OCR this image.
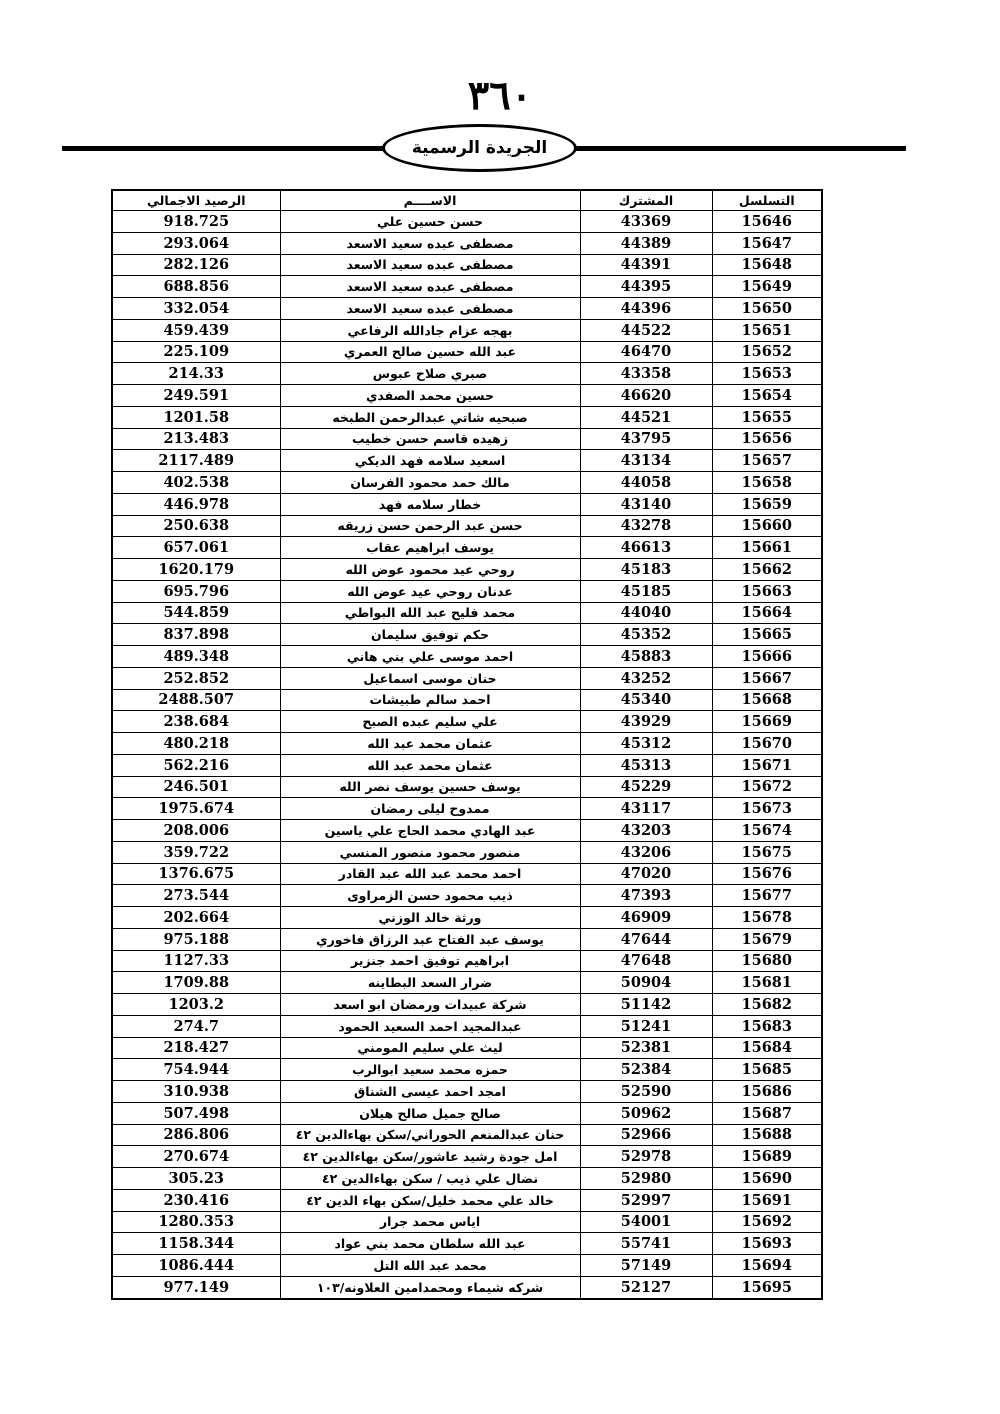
٣٦٠
الجريدة الرسمية
الرصيد الاجمالي	الاســــم	المشترك	التسلسل
918.725	حسن حسين علي	43369	15646
293.064	مصطفى عبده سعيد الاسعد	44389	15647
282.126	مصطفى عبده سعيد الاسعد	44391	15648
688.856	مصطفى عبده سعيد الاسعد	44395	15649
332.054	مصطفى عبده سعيد الاسعد	44396	15650
459.439	بهجه عزام جادالله الرفاعي	44522	15651
225.109	عبد الله حسين صالح العمري	46470	15652
214.33	صبري صلاح عبوس	43358	15653
249.591	حسين محمد الصفدي	46620	15654
1201.58	صبحيه شاتي عبدالرحمن الطبخه	44521	15655
213.483	زهيده قاسم حسن خطيب	43795	15656
2117.489	اسعيد سلامه فهد الديكي	43134	15657
402.538	مالك حمد محمود الفرسان	44058	15658
446.978	خطار سلامه فهد	43140	15659
250.638	حسن عبد الرحمن حسن زريقه	43278	15660
657.061	يوسف ابراهيم عقاب	46613	15661
1620.179	روحي عيد محمود عوض الله	45183	15662
695.796	عدنان روحي عيد عوض الله	45185	15663
544.859	محمد فليح عبد الله البواطي	44040	15664
837.898	حكم توفيق سليمان	45352	15665
489.348	احمد موسى علي بني هاني	45883	15666
252.852	حنان موسى اسماعيل	43252	15667
2488.507	احمد سالم طبيشات	45340	15668
238.684	علي سليم عبده الصبح	43929	15669
480.218	عثمان محمد عبد الله	45312	15670
562.216	عثمان محمد عبد الله	45313	15671
246.501	يوسف حسين يوسف نصر الله	45229	15672
1975.674	ممدوح ليلى رمضان	43117	15673
208.006	عبد الهادي محمد الحاج علي ياسين	43203	15674
359.722	منصور محمود منصور المنسي	43206	15675
1376.675	احمد محمد عبد الله عبد القادر	47020	15676
273.544	ذيب محمود حسن الزمراوى	47393	15677
202.664	ورثة خالد الوزني	46909	15678
975.188	يوسف عبد الفتاح عبد الرزاق فاخوري	47644	15679
1127.33	ابراهيم توفيق احمد جنزير	47648	15680
1709.88	ضرار السعد البطاينه	50904	15681
1203.2	شركة عبيدات ورمضان ابو اسعد	51142	15682
274.7	عبدالمجيد احمد السعيد الحمود	51241	15683
218.427	ليث علي سليم المومني	52381	15684
754.944	حمزه محمد سعيد ابوالرب	52384	15685
310.938	امجد احمد عيسى الشناق	52590	15686
507.498	صالح جميل صالح هيلان	50962	15687
286.806	حنان عبدالمنعم الحوراني/سكن بهاءالدين ٤٢	52966	15688
270.674	امل جودة رشيد عاشور/سكن بهاءالدين ٤٢	52978	15689
305.23	نضال علي ذيب / سكن بهاءالدين ٤٢	52980	15690
230.416	خالد علي محمد خليل/سكن بهاء الدين ٤٢	52997	15691
1280.353	اياس محمد جرار	54001	15692
1158.344	عبد الله سلطان محمد بني عواد	55741	15693
1086.444	محمد عبد الله التل	57149	15694
977.149	شركه شيماء ومحمدامين العلاونه/١٠٣	52127	15695
